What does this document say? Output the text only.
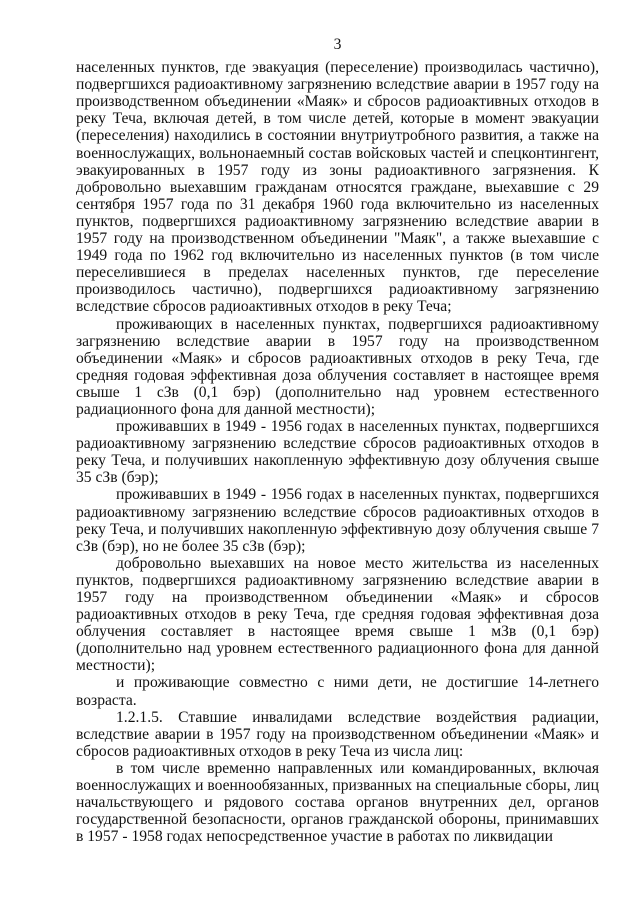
3

населенных пунктов, где эвакуация (переселение) производилась частично), подвергшихся радиоактивному загрязнению вследствие аварии в 1957 году на производственном объединении «Маяк» и сбросов радиоактивных отходов в реку Теча, включая детей, в том числе детей, которые в момент эвакуации (переселения) находились в состоянии внутриутробного развития, а также на военнослужащих, вольнонаемный состав войсковых частей и спецконтингент, эвакуированных в 1957 году из зоны радиоактивного загрязнения. К добровольно выехавшим гражданам относятся граждане, выехавшие с 29 сентября 1957 года по 31 декабря 1960 года включительно из населенных пунктов, подвергшихся радиоактивному загрязнению вследствие аварии в 1957 году на производственном объединении "Маяк", а также выехавшие с 1949 года по 1962 год включительно из населенных пунктов (в том числе переселившиеся в пределах населенных пунктов, где переселение производилось частично), подвергшихся радиоактивному загрязнению вследствие сбросов радиоактивных отходов в реку Теча;

проживающих в населенных пунктах, подвергшихся радиоактивному загрязнению вследствие аварии в 1957 году на производственном объединении «Маяк» и сбросов радиоактивных отходов в реку Теча, где средняя годовая эффективная доза облучения составляет в настоящее время свыше 1 сЗв (0,1 бэр) (дополнительно над уровнем естественного радиационного фона для данной местности);

проживавших в 1949 - 1956 годах в населенных пунктах, подвергшихся радиоактивному загрязнению вследствие сбросов радиоактивных отходов в реку Теча, и получивших накопленную эффективную дозу облучения свыше 35 сЗв (бэр);

проживавших в 1949 - 1956 годах в населенных пунктах, подвергшихся радиоактивному загрязнению вследствие сбросов радиоактивных отходов в реку Теча, и получивших накопленную эффективную дозу облучения свыше 7 сЗв (бэр), но не более 35 сЗв (бэр);

добровольно выехавших на новое место жительства из населенных пунктов, подвергшихся радиоактивному загрязнению вследствие аварии в 1957 году на производственном объединении «Маяк» и сбросов радиоактивных отходов в реку Теча, где средняя годовая эффективная доза облучения составляет в настоящее время свыше 1 мЗв (0,1 бэр) (дополнительно над уровнем естественного радиационного фона для данной местности);

и проживающие совместно с ними дети, не достигшие 14-летнего возраста.

1.2.1.5. Ставшие инвалидами вследствие воздействия радиации, вследствие аварии в 1957 году на производственном объединении «Маяк» и сбросов радиоактивных отходов в реку Теча из числа лиц:

в том числе временно направленных или командированных, включая военнослужащих и военнообязанных, призванных на специальные сборы, лиц начальствующего и рядового состава органов внутренних дел, органов государственной безопасности, органов гражданской обороны, принимавших в 1957 - 1958 годах непосредственное участие в работах по ликвидации
